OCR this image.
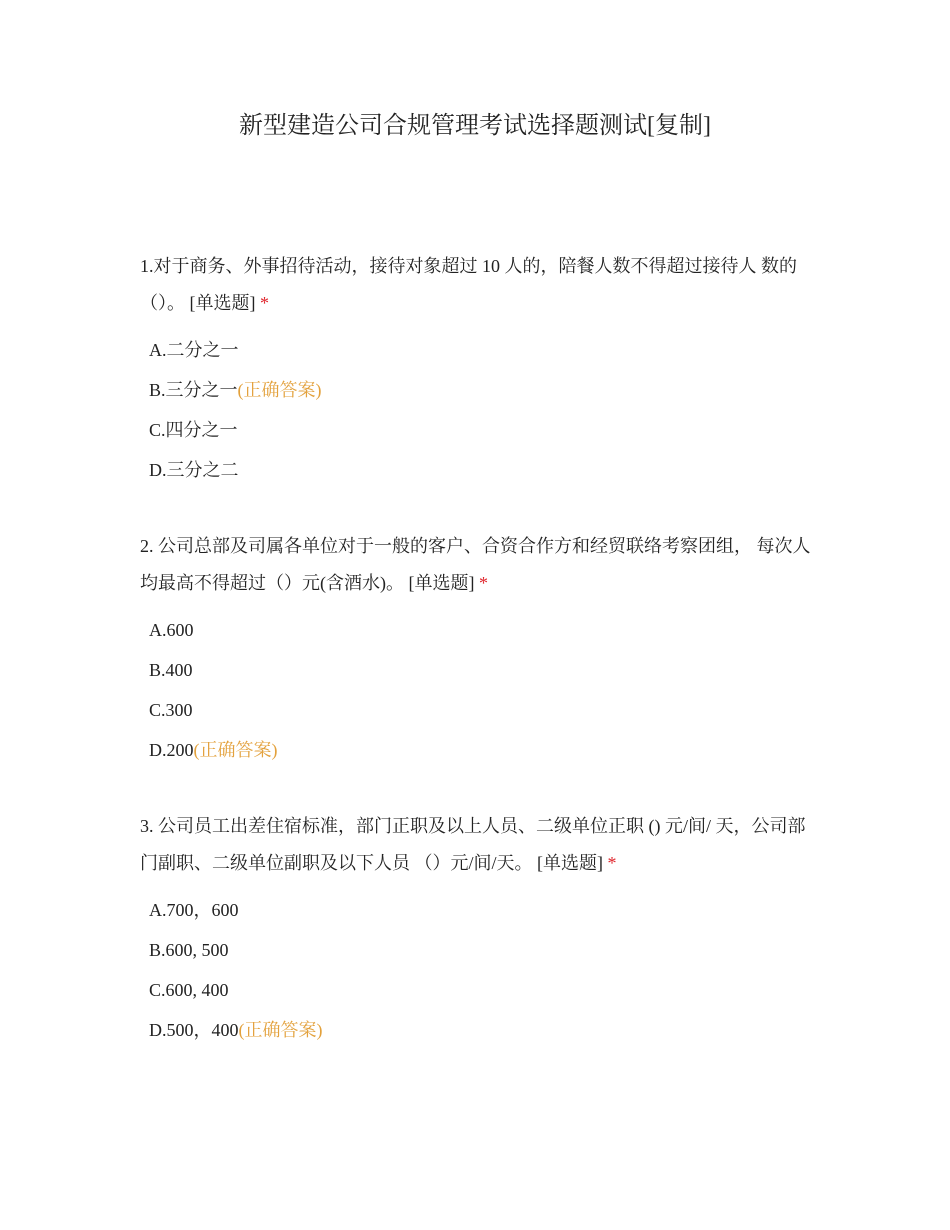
新型建造公司合规管理考试选择题测试[复制]

1.对于商务、外事招待活动，接待对象超过 10 人的，陪餐人数不得超过接待人 数的（）。 [单选题] *

A.二分之一
B.三分之一(正确答案)
C.四分之一
D.三分之二

2. 公司总部及司属各单位对于一般的客户、合资合作方和经贸联络考察团组， 每次人均最高不得超过（）元(含酒水)。 [单选题] *

A.600
B.400
C.300
D.200(正确答案)

3. 公司员工出差住宿标准，部门正职及以上人员、二级单位正职 () 元/间/ 天，公司部门副职、二级单位副职及以下人员 （）元/间/天。 [单选题] *

A.700，600
B.600, 500
C.600, 400
D.500，400(正确答案)
